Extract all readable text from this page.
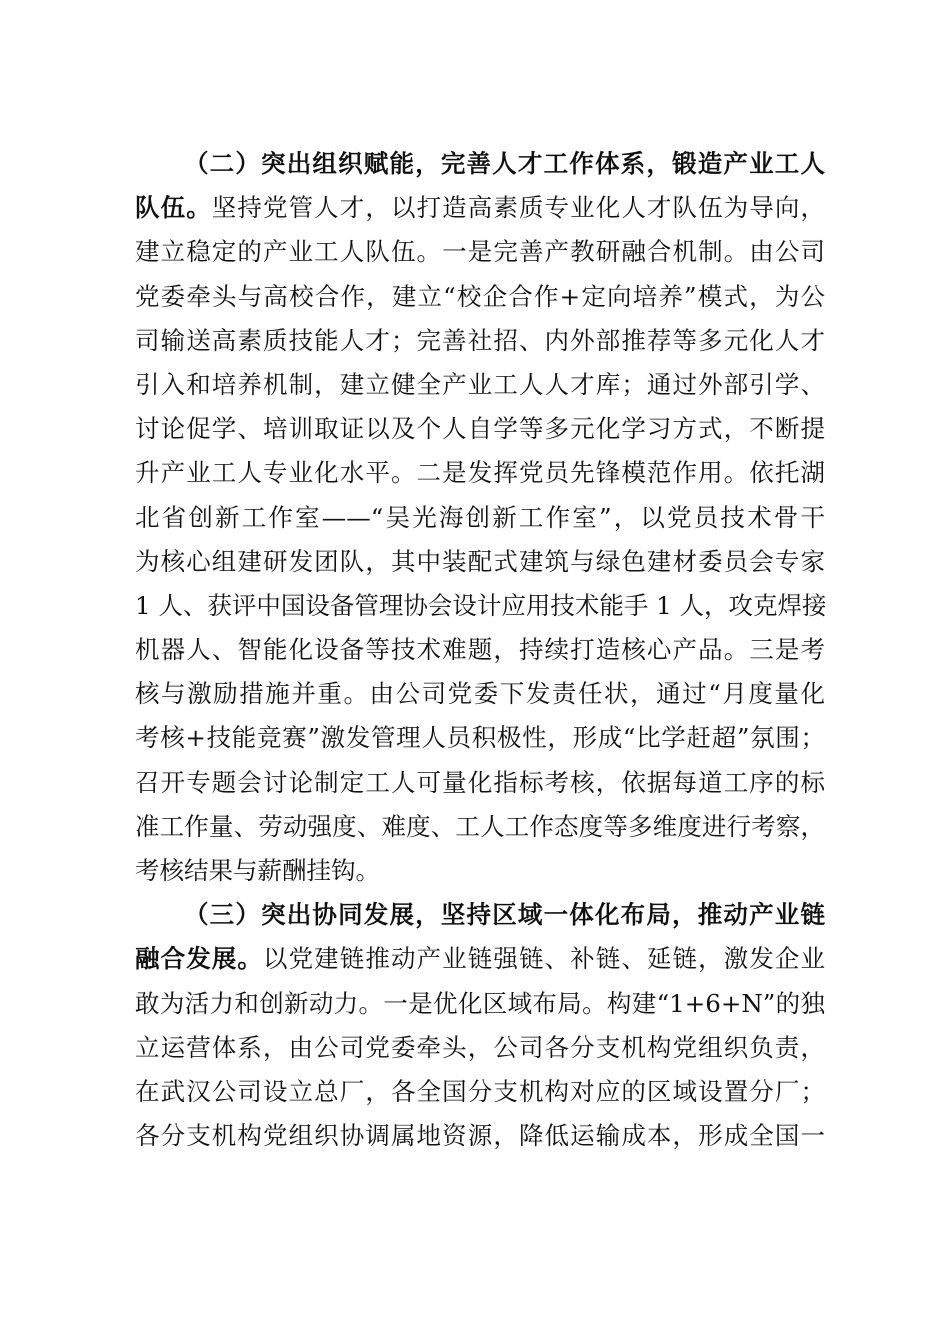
（二）突出组织赋能，完善人才工作体系，锻造产业工人
队伍。坚持党管人才，以打造高素质专业化人才队伍为导向，
建立稳定的产业工人队伍。一是完善产教研融合机制。由公司
党委牵头与高校合作，建立“校企合作+定向培养”模式，为公
司输送高素质技能人才；完善社招、内外部推荐等多元化人才
引入和培养机制，建立健全产业工人人才库；通过外部引学、
讨论促学、培训取证以及个人自学等多元化学习方式，不断提
升产业工人专业化水平。二是发挥党员先锋模范作用。依托湖
北省创新工作室——“吴光海创新工作室”，以党员技术骨干
为核心组建研发团队，其中装配式建筑与绿色建材委员会专家
1 人、获评中国设备管理协会设计应用技术能手 1 人，攻克焊接
机器人、智能化设备等技术难题，持续打造核心产品。三是考
核与激励措施并重。由公司党委下发责任状，通过“月度量化
考核+技能竞赛”激发管理人员积极性，形成“比学赶超”氛围；
召开专题会讨论制定工人可量化指标考核，依据每道工序的标
准工作量、劳动强度、难度、工人工作态度等多维度进行考察，
考核结果与薪酬挂钩。
（三）突出协同发展，坚持区域一体化布局，推动产业链
融合发展。以党建链推动产业链强链、补链、延链，激发企业
敢为活力和创新动力。一是优化区域布局。构建“1+6+N”的独
立运营体系，由公司党委牵头，公司各分支机构党组织负责，
在武汉公司设立总厂，各全国分支机构对应的区域设置分厂；
各分支机构党组织协调属地资源，降低运输成本，形成全国一
